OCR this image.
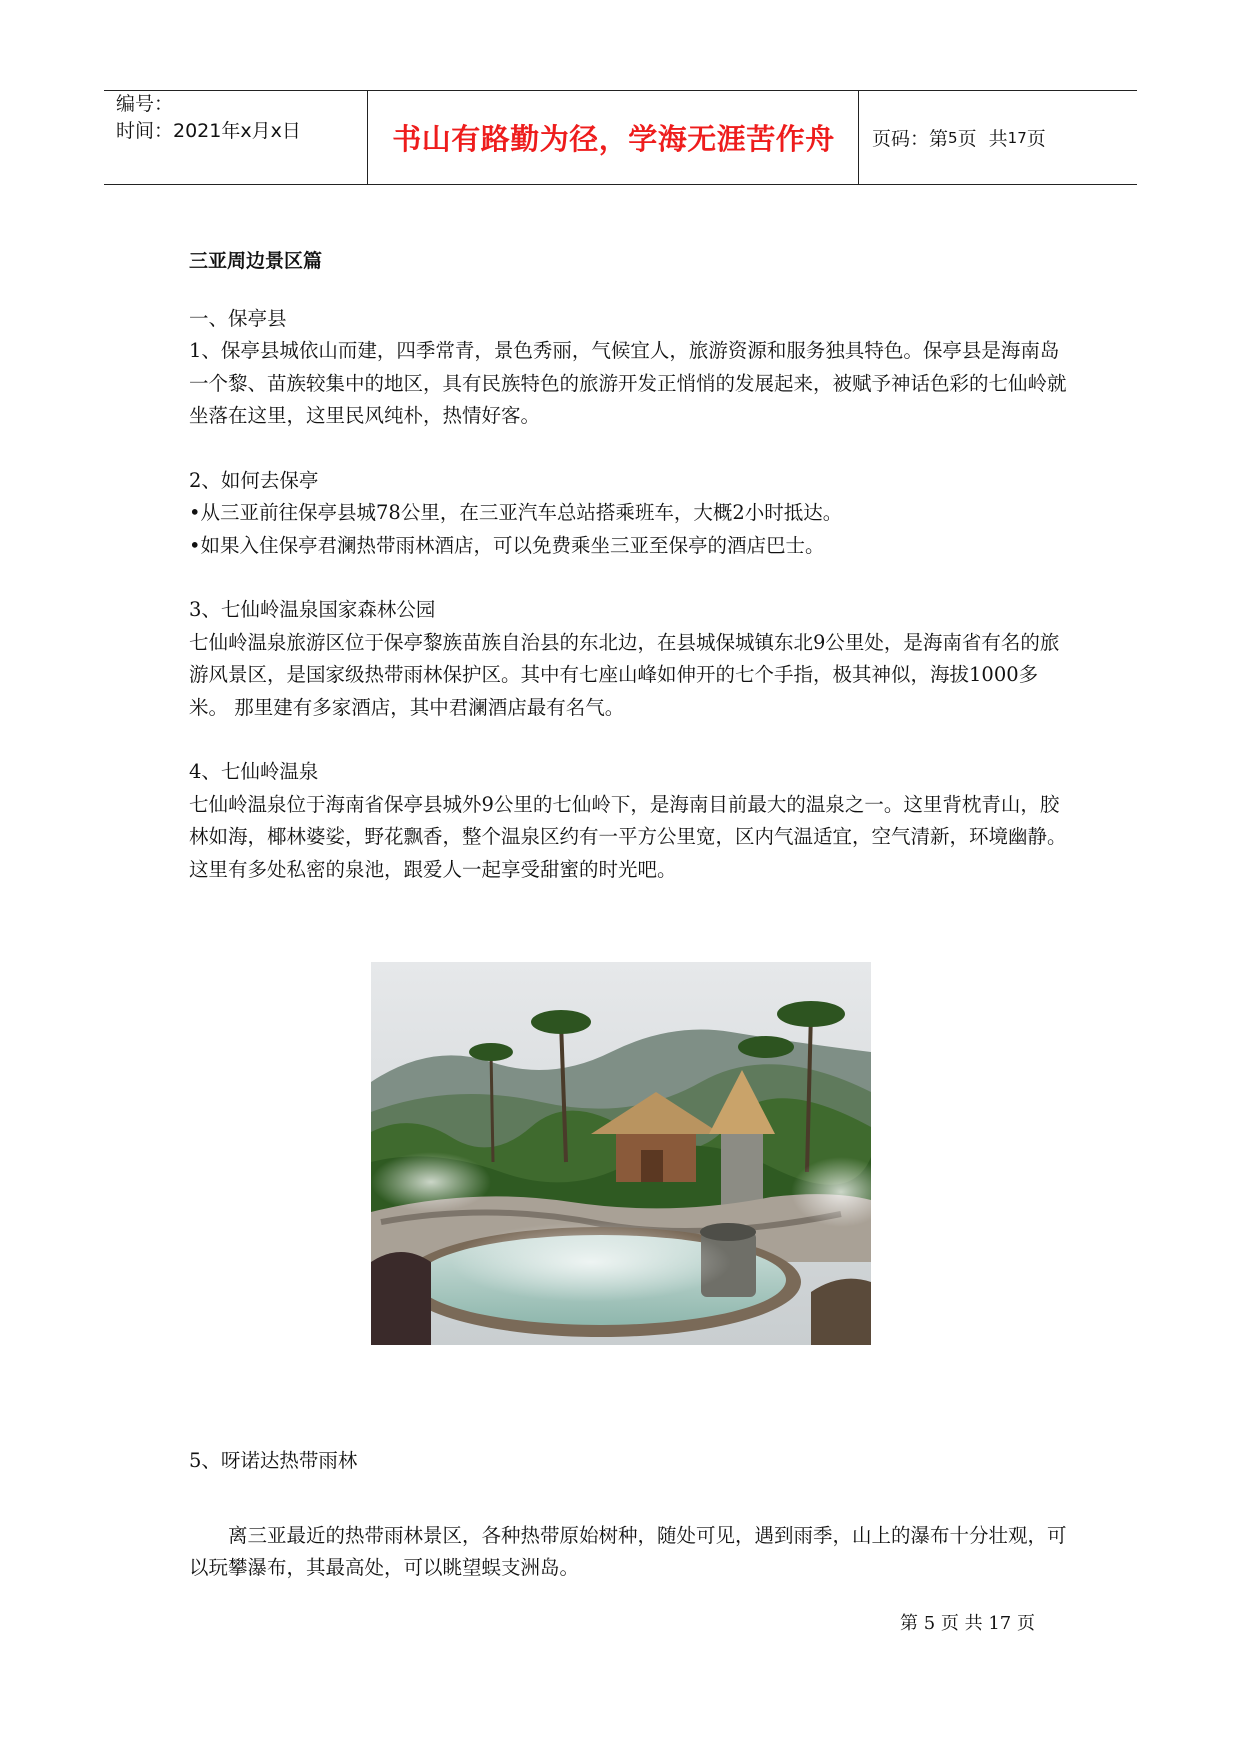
编号：
时间：2021年x月x日	书山有路勤为径，学海无涯苦作舟	页码：第 5 页  共 17 页

三亚周边景区篇

一、保亭县

1、保亭县城依山而建，四季常青，景色秀丽，气候宜人，旅游资源和服务独具特色。保亭县是海南岛一个黎、苗族较集中的地区，具有民族特色的旅游开发正悄悄的发展起来，被赋予神话色彩的七仙岭就坐落在这里，这里民风纯朴，热情好客。

2、如何去保亭

•从三亚前往保亭县城78公里，在三亚汽车总站搭乘班车，大概2小时抵达。

•如果入住保亭君澜热带雨林酒店，可以免费乘坐三亚至保亭的酒店巴士。

3、七仙岭温泉国家森林公园

七仙岭温泉旅游区位于保亭黎族苗族自治县的东北边，在县城保城镇东北9公里处，是海南省有名的旅游风景区，是国家级热带雨林保护区。其中有七座山峰如伸开的七个手指，极其神似，海拔1000多米。 那里建有多家酒店，其中君澜酒店最有名气。

4、七仙岭温泉

七仙岭温泉位于海南省保亭县城外9公里的七仙岭下，是海南目前最大的温泉之一。这里背枕青山，胶林如海，椰林婆娑，野花飘香，整个温泉区约有一平方公里宽，区内气温适宜，空气清新，环境幽静。 这里有多处私密的泉池，跟爱人一起享受甜蜜的时光吧。

5、呀诺达热带雨林

离三亚最近的热带雨林景区，各种热带原始树种，随处可见，遇到雨季，山上的瀑布十分壮观，可以玩攀瀑布，其最高处，可以眺望蜈支洲岛。

第 5 页 共 17 页
